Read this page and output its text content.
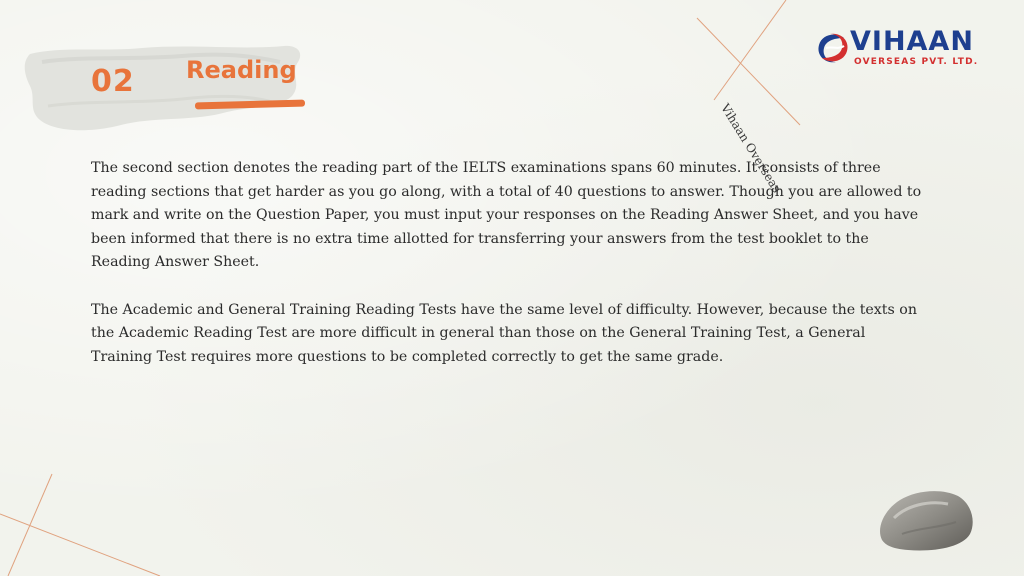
02 Reading
Vihaan Overseas
VIHAAN
OVERSEAS PVT. LTD.

The second section denotes the reading part of the IELTS examinations spans 60 minutes. It consists of three reading sections that get harder as you go along, with a total of 40 questions to answer. Though you are allowed to mark and write on the Question Paper, you must input your responses on the Reading Answer Sheet, and you have been informed that there is no extra time allotted for transferring your answers from the test booklet to the Reading Answer Sheet.

The Academic and General Training Reading Tests have the same level of difficulty. However, because the texts on the Academic Reading Test are more difficult in general than those on the General Training Test, a General Training Test requires more questions to be completed correctly to get the same grade.
